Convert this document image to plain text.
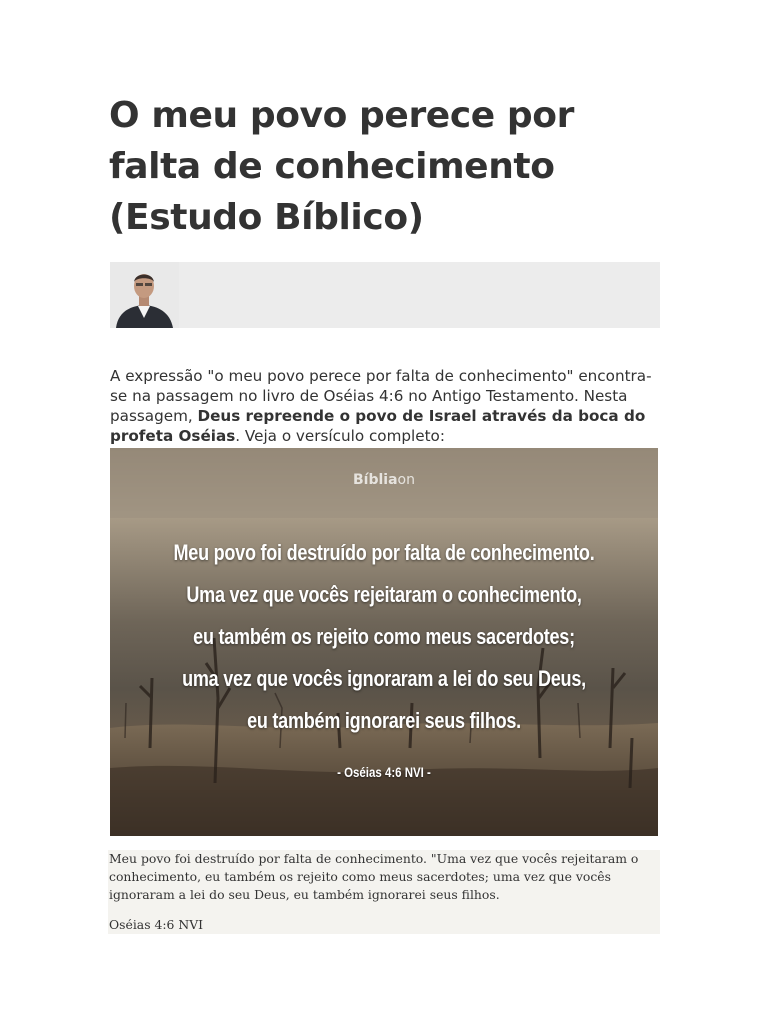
O meu povo perece por falta de conhecimento (Estudo Bíblico)

A expressão "o meu povo perece por falta de conhecimento" encontra-se na passagem no livro de Oséias 4:6 no Antigo Testamento. Nesta passagem, Deus repreende o povo de Israel através da boca do profeta Oséias. Veja o versículo completo:

Bíbliaon
Meu povo foi destruído por falta de conhecimento.
Uma vez que vocês rejeitaram o conhecimento,
eu também os rejeito como meus sacerdotes;
uma vez que vocês ignoraram a lei do seu Deus,
eu também ignorarei seus filhos.
- Oséias 4:6 NVI -

Meu povo foi destruído por falta de conhecimento. "Uma vez que vocês rejeitaram o conhecimento, eu também os rejeito como meus sacerdotes; uma vez que vocês ignoraram a lei do seu Deus, eu também ignorarei seus filhos.

Oséias 4:6 NVI
